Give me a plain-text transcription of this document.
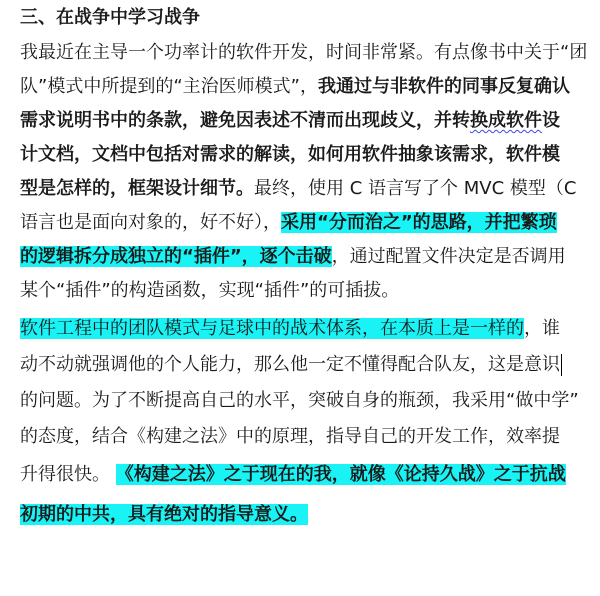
三、在战争中学习战争
我最近在主导一个功率计的软件开发，时间非常紧。有点像书中关于“团
队”模式中所提到的“主治医师模式”，我通过与非软件的同事反复确认
需求说明书中的条款，避免因表述不清而出现歧义，并转换成软件设
计文档，文档中包括对需求的解读，如何用软件抽象该需求，软件模
型是怎样的，框架设计细节。最终，使用 C 语言写了个 MVC 模型（C
语言也是面向对象的，好不好），采用“分而治之”的思路，并把繁琐
的逻辑拆分成独立的“插件”，逐个击破，通过配置文件决定是否调用
某个“插件”的构造函数，实现“插件”的可插拔。
软件工程中的团队模式与足球中的战术体系，在本质上是一样的，谁
动不动就强调他的个人能力，那么他一定不懂得配合队友，这是意识
的问题。为了不断提高自己的水平，突破自身的瓶颈，我采用“做中学”
的态度，结合《构建之法》中的原理，指导自己的开发工作，效率提
升得很快。 《构建之法》之于现在的我，就像《论持久战》之于抗战
初期的中共，具有绝对的指导意义。
